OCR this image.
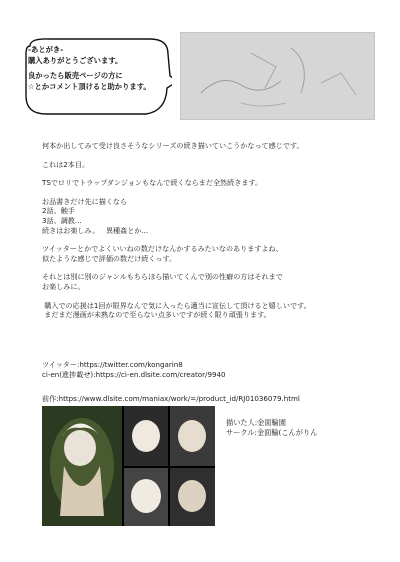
-あとがき-
購入ありがとうございます。
良かったら販売ページの方に
☆とかコメント頂けると助かります。

何本か出してみて受け良さそうなシリーズの続き描いていこうかなって感じです。

これは2本目。

TSでロリでトラップダンジョンもなんで続くならまだ全然続きます。

お品書きだけ先に描くなら

2話、触手

3話、調教...

続きはお楽しみ。   異種姦とか...

ツイッターとかでよくいいねの数だけなんかするみたいなのありますよね、

似たような感じで評価の数だけ続くっす。

それとは別に別のジャンルもちらほら描いてくんで別の性癖の方はそれまで

お楽しみに。

購入での応援は1回が限界なんで気に入ったら適当に宣伝して頂けると嬉しいです。

まだまだ漫画が未熟なので至らない点多いですが続く限り頑張ります。

ツイッター:https://twitter.com/kongarin8

ci-en(進捗載せ):https://ci-en.dlsite.com/creator/9940

前作:https://www.dlsite.com/maniax/work/=/product_id/RJ01036079.html

描いた人:金面輪園

サークル:金面輪(こんがりん
